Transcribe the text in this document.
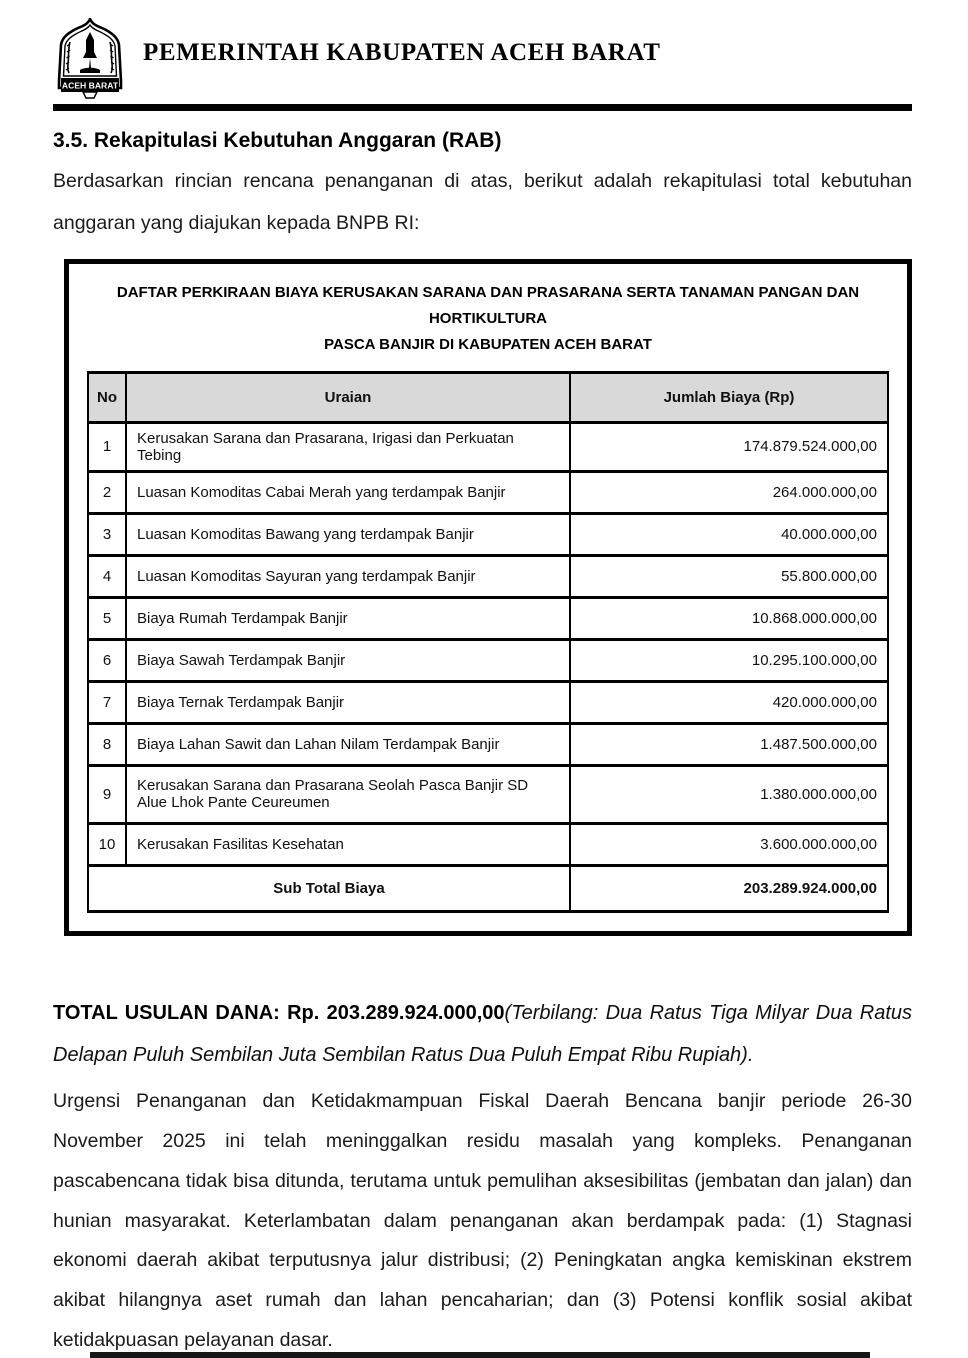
ACEH BARAT
PEMERINTAH KABUPATEN ACEH BARAT
3.5. Rekapitulasi Kebutuhan Anggaran (RAB)
Berdasarkan rincian rencana penanganan di atas, berikut adalah rekapitulasi total kebutuhan anggaran yang diajukan kepada BNPB RI:
DAFTAR PERKIRAAN BIAYA KERUSAKAN SARANA DAN PRASARANA SERTA TANAMAN PANGAN DAN HORTIKULTURA
PASCA BANJIR DI KABUPATEN ACEH BARAT
No	Uraian	Jumlah Biaya (Rp)
1	Kerusakan Sarana dan Prasarana, Irigasi dan Perkuatan Tebing	174.879.524.000,00
2	Luasan Komoditas Cabai Merah yang terdampak Banjir	264.000.000,00
3	Luasan Komoditas Bawang yang terdampak Banjir	40.000.000,00
4	Luasan Komoditas Sayuran yang terdampak Banjir	55.800.000,00
5	Biaya Rumah Terdampak Banjir	10.868.000.000,00
6	Biaya Sawah Terdampak Banjir	10.295.100.000,00
7	Biaya Ternak Terdampak Banjir	420.000.000,00
8	Biaya Lahan Sawit dan Lahan Nilam Terdampak Banjir	1.487.500.000,00
9	Kerusakan Sarana dan Prasarana Seolah Pasca Banjir SD Alue Lhok Pante Ceureumen	1.380.000.000,00
10	Kerusakan Fasilitas Kesehatan	3.600.000.000,00
Sub Total Biaya		203.289.924.000,00
TOTAL USULAN DANA: Rp. 203.289.924.000,00(Terbilang: Dua Ratus Tiga Milyar Dua Ratus Delapan Puluh Sembilan Juta Sembilan Ratus Dua Puluh Empat Ribu Rupiah).
Urgensi Penanganan dan Ketidakmampuan Fiskal Daerah Bencana banjir periode 26-30 November 2025 ini telah meninggalkan residu masalah yang kompleks. Penanganan pascabencana tidak bisa ditunda, terutama untuk pemulihan aksesibilitas (jembatan dan jalan) dan hunian masyarakat. Keterlambatan dalam penanganan akan berdampak pada: (1) Stagnasi ekonomi daerah akibat terputusnya jalur distribusi; (2) Peningkatan angka kemiskinan ekstrem akibat hilangnya aset rumah dan lahan pencaharian; dan (3) Potensi konflik sosial akibat ketidakpuasan pelayanan dasar.
